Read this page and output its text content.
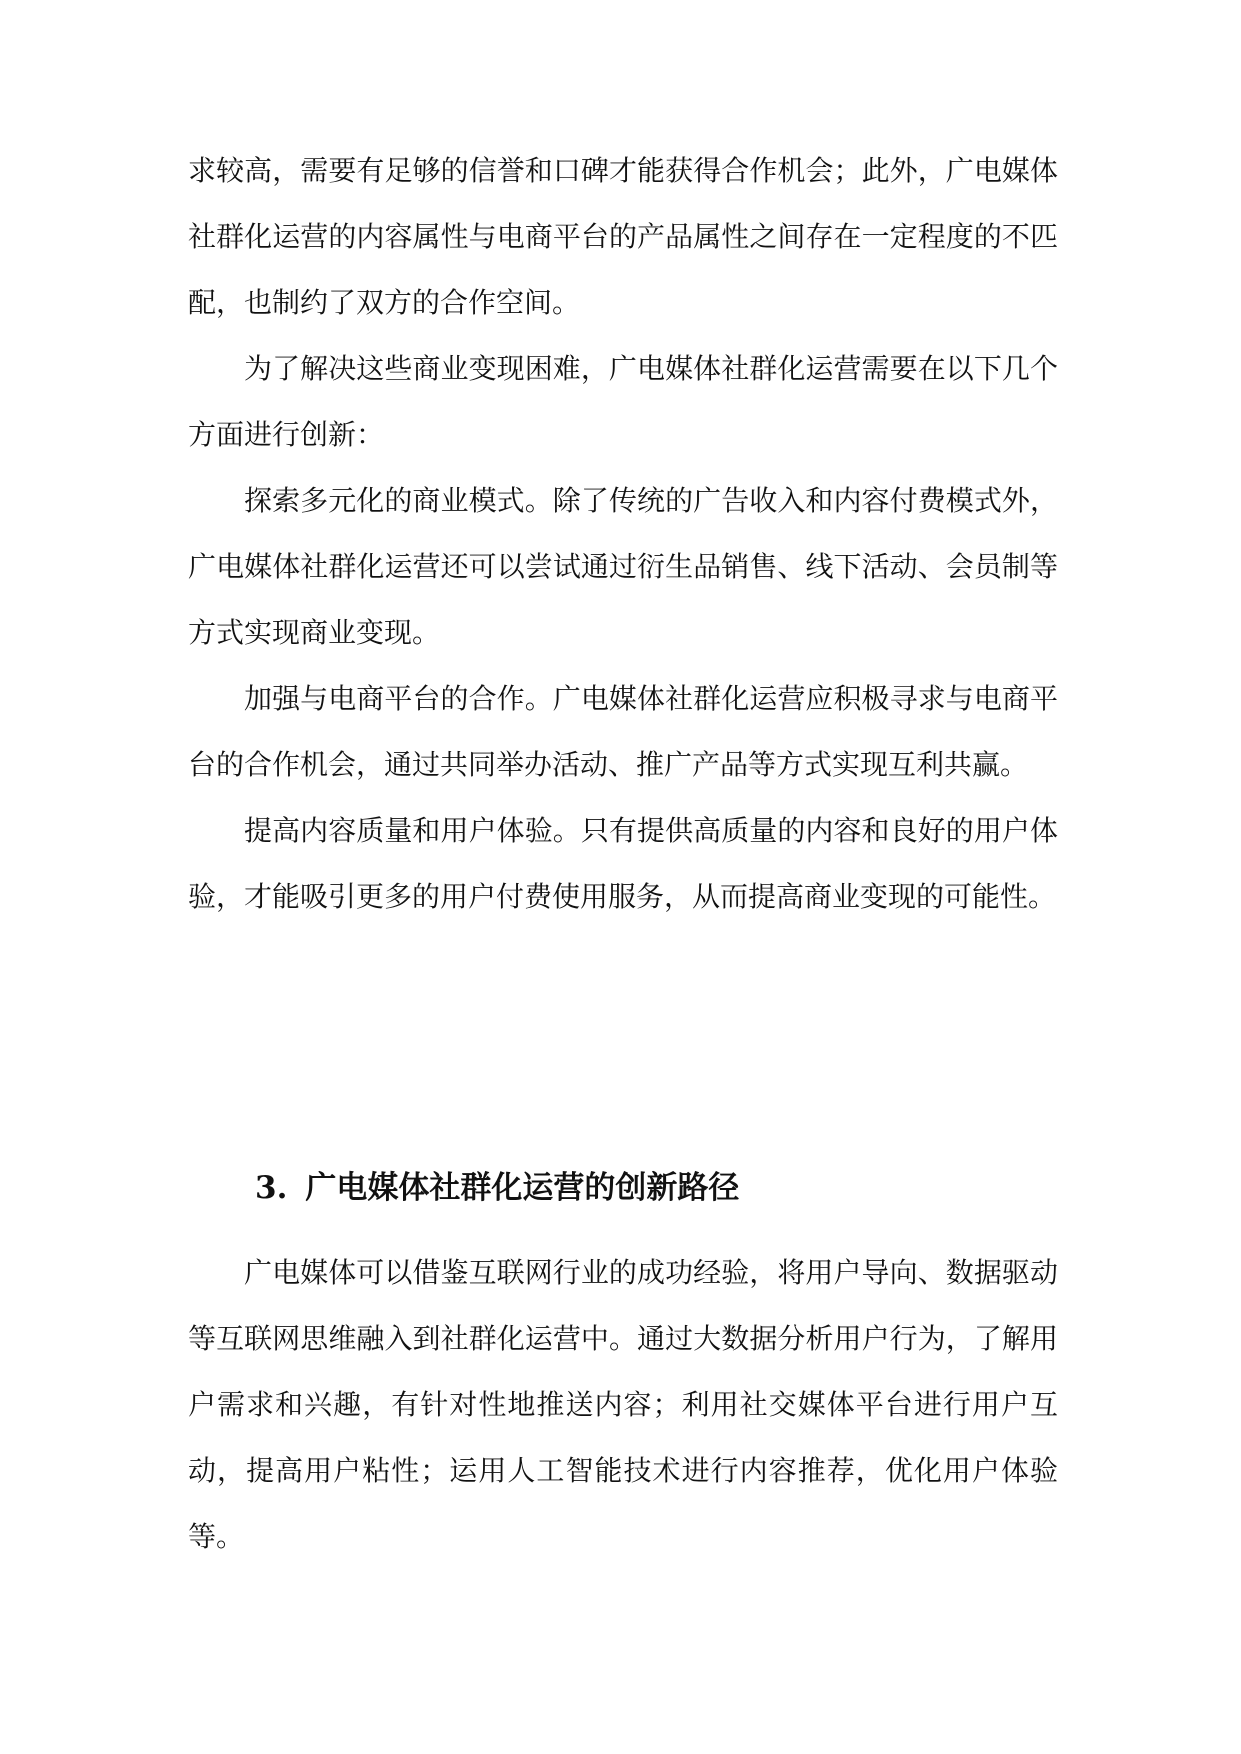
求较高，需要有足够的信誉和口碑才能获得合作机会；此外，广电媒体社群化运营的内容属性与电商平台的产品属性之间存在一定程度的不匹配，也制约了双方的合作空间。

为了解决这些商业变现困难，广电媒体社群化运营需要在以下几个方面进行创新：

探索多元化的商业模式。除了传统的广告收入和内容付费模式外，广电媒体社群化运营还可以尝试通过衍生品销售、线下活动、会员制等方式实现商业变现。

加强与电商平台的合作。广电媒体社群化运营应积极寻求与电商平台的合作机会，通过共同举办活动、推广产品等方式实现互利共赢。

提高内容质量和用户体验。只有提供高质量的内容和良好的用户体验，才能吸引更多的用户付费使用服务，从而提高商业变现的可能性。

3. 广电媒体社群化运营的创新路径

广电媒体可以借鉴互联网行业的成功经验，将用户导向、数据驱动等互联网思维融入到社群化运营中。通过大数据分析用户行为，了解用户需求和兴趣，有针对性地推送内容；利用社交媒体平台进行用户互动，提高用户粘性；运用人工智能技术进行内容推荐，优化用户体验等。
